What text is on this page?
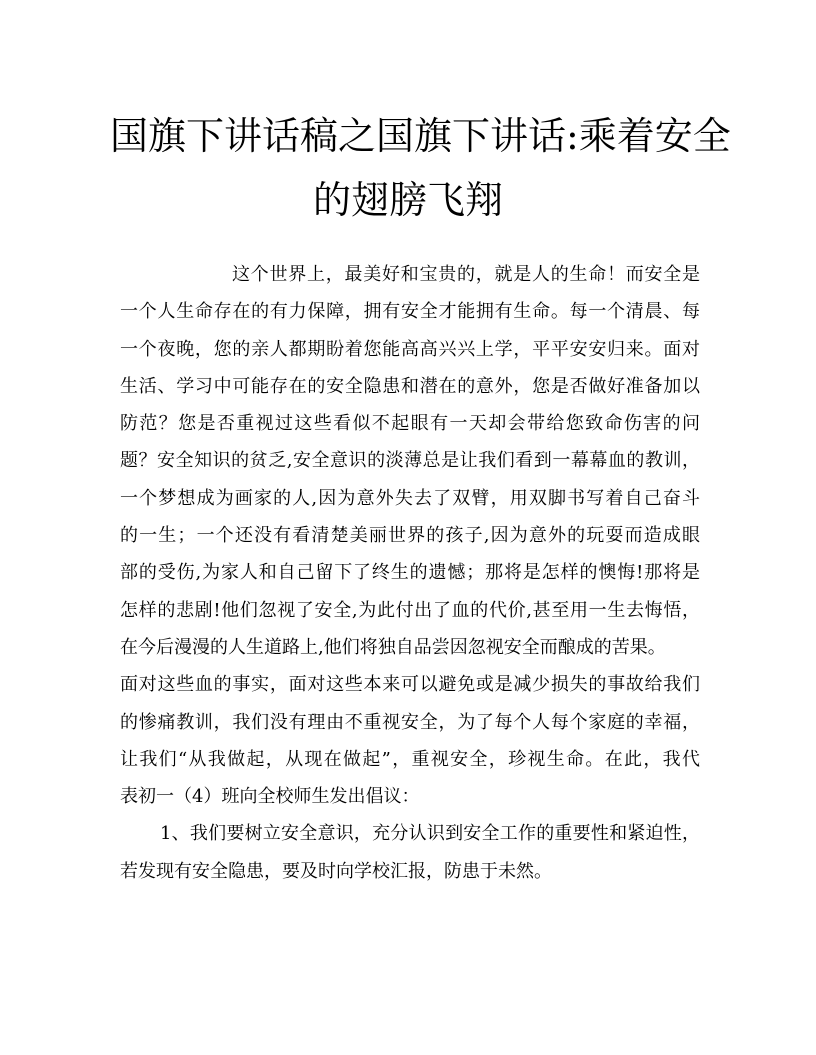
国旗下讲话稿之国旗下讲话:乘着安全
的翅膀飞翔
这个世界上，最美好和宝贵的，就是人的生命！而安全是
一个人生命存在的有力保障，拥有安全才能拥有生命。每一个清晨、每
一个夜晚，您的亲人都期盼着您能高高兴兴上学，平平安安归来。面对
生活、学习中可能存在的安全隐患和潜在的意外，您是否做好准备加以
防范？您是否重视过这些看似不起眼有一天却会带给您致命伤害的问
题？安全知识的贫乏,安全意识的淡薄总是让我们看到一幕幕血的教训，
一个梦想成为画家的人,因为意外失去了双臂，用双脚书写着自己奋斗
的一生；一个还没有看清楚美丽世界的孩子,因为意外的玩耍而造成眼
部的受伤,为家人和自己留下了终生的遗憾；那将是怎样的懊悔!那将是
怎样的悲剧!他们忽视了安全,为此付出了血的代价,甚至用一生去悔悟，
在今后漫漫的人生道路上,他们将独自品尝因忽视安全而酿成的苦果。
面对这些血的事实，面对这些本来可以避免或是减少损失的事故给我们
的惨痛教训，我们没有理由不重视安全，为了每个人每个家庭的幸福，
让我们“从我做起，从现在做起”，重视安全，珍视生命。在此，我代
表初一（4）班向全校师生发出倡议：
1、我们要树立安全意识，充分认识到安全工作的重要性和紧迫性，
若发现有安全隐患，要及时向学校汇报，防患于未然。
